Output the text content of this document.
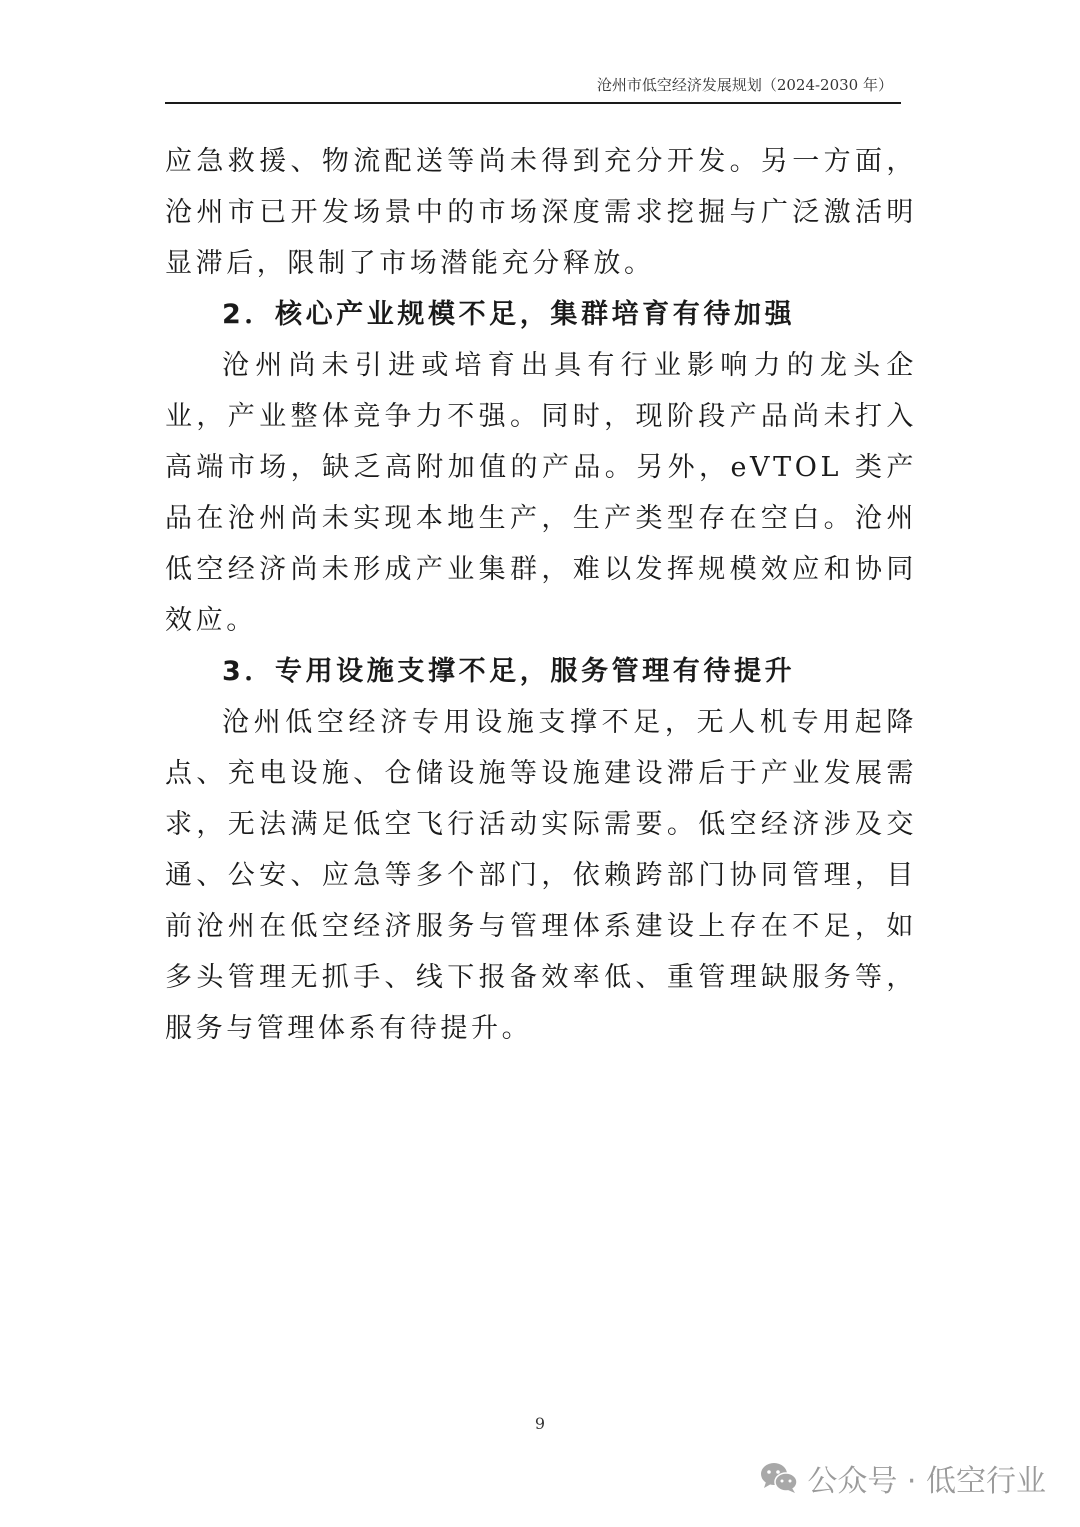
沧州市低空经济发展规划（2024-2030 年）

应急救援、物流配送等尚未得到充分开发。另一方面，沧州市已开发场景中的市场深度需求挖掘与广泛激活明显滞后，限制了市场潜能充分释放。

2．核心产业规模不足，集群培育有待加强

沧州尚未引进或培育出具有行业影响力的龙头企业，产业整体竞争力不强。同时，现阶段产品尚未打入高端市场，缺乏高附加值的产品。另外，eVTOL 类产品在沧州尚未实现本地生产，生产类型存在空白。沧州低空经济尚未形成产业集群，难以发挥规模效应和协同效应。

3．专用设施支撑不足，服务管理有待提升

沧州低空经济专用设施支撑不足，无人机专用起降点、充电设施、仓储设施等设施建设滞后于产业发展需求，无法满足低空飞行活动实际需要。低空经济涉及交通、公安、应急等多个部门，依赖跨部门协同管理，目前沧州在低空经济服务与管理体系建设上存在不足，如多头管理无抓手、线下报备效率低、重管理缺服务等，服务与管理体系有待提升。

9
公众号 · 低空行业
